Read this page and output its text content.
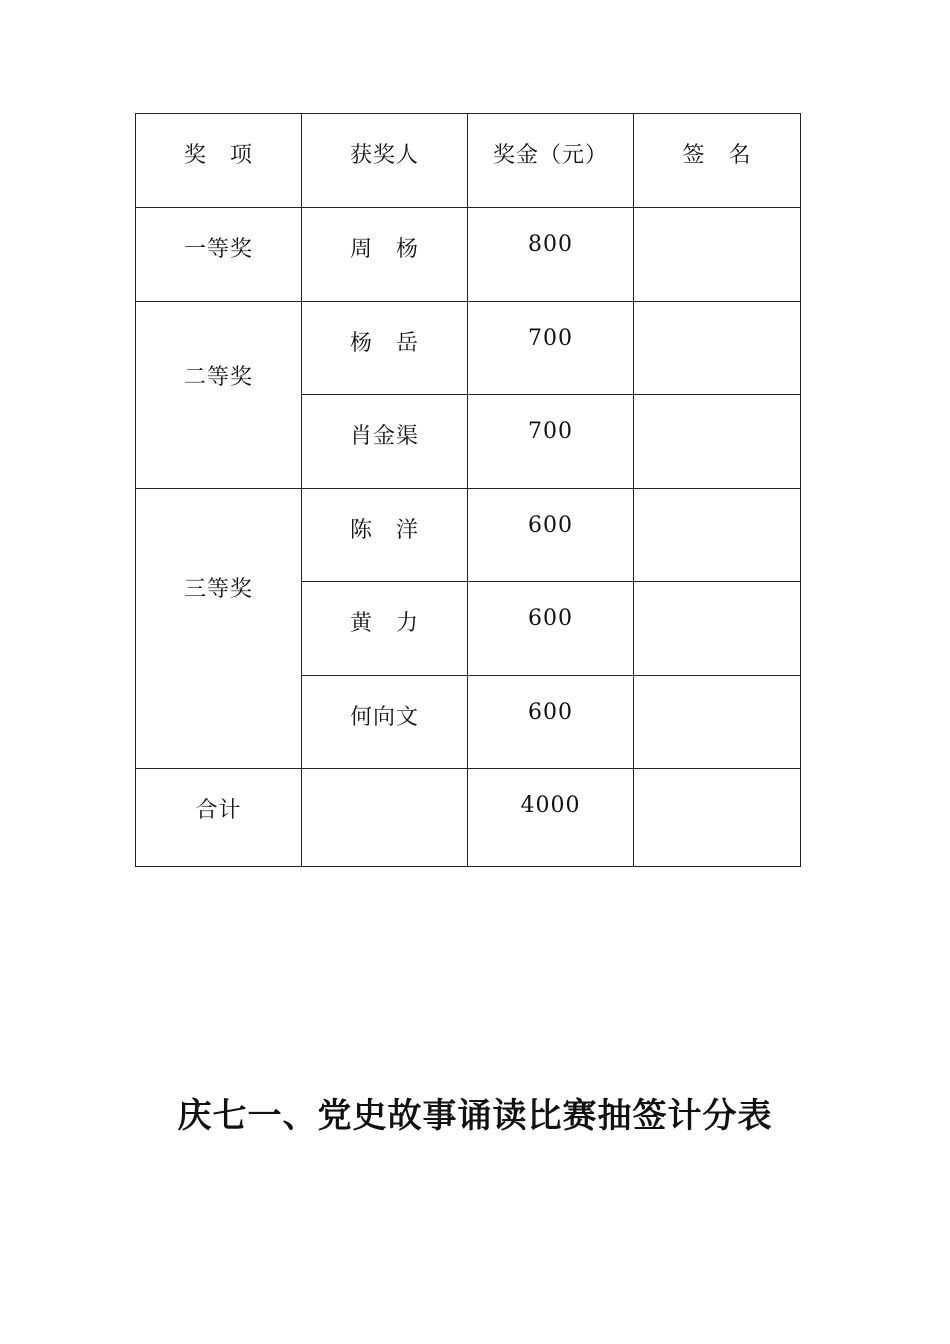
奖　项	获奖人	奖金（元）	签　名
一等奖	周　杨	800	
二等奖	杨　岳	700	
	肖金渠	700	
三等奖	陈　洋	600	
	黄　力	600	
	何向文	600	
合计		4000	
庆七一、党史故事诵读比赛抽签计分表
